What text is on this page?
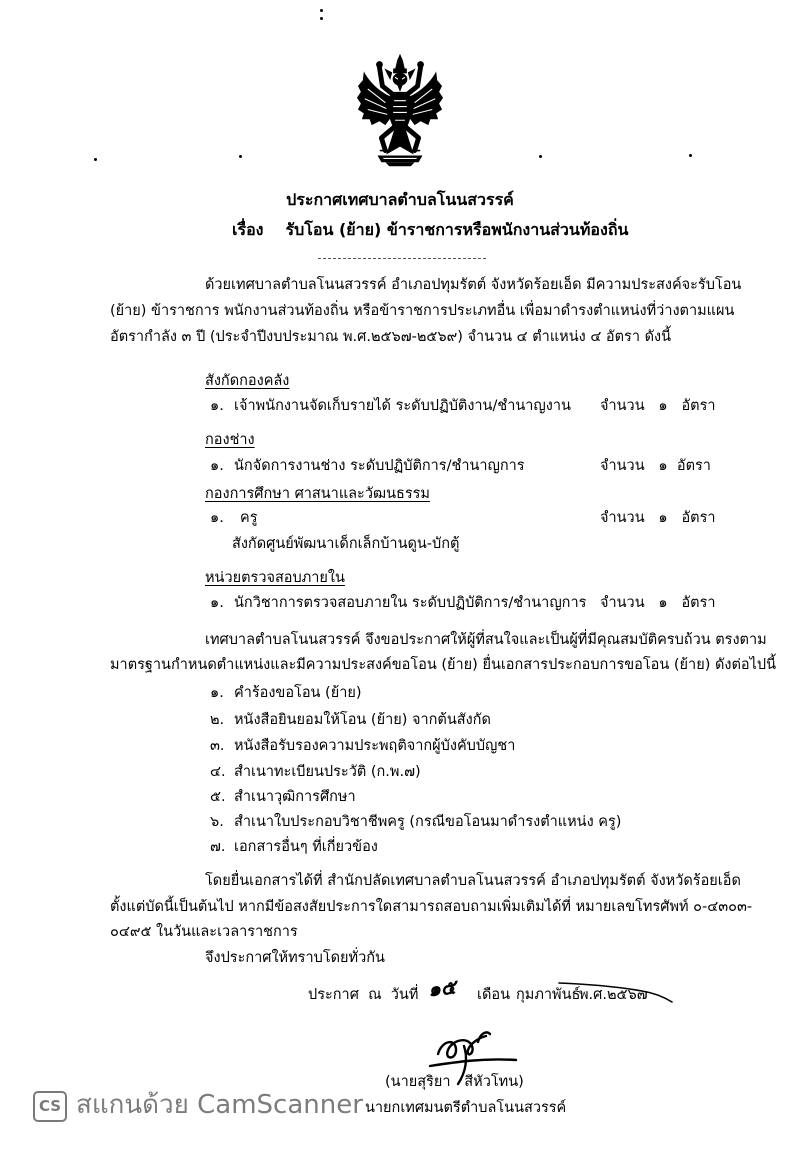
ประกาศเทศบาลตำบลโนนสวรรค์
เรื่อง รับโอน (ย้าย) ข้าราชการหรือพนักงานส่วนท้องถิ่น
ด้วยเทศบาลตำบลโนนสวรรค์ อำเภอปทุมรัตต์ จังหวัดร้อยเอ็ด มีความประสงค์จะรับโอน
(ย้าย) ข้าราชการ พนักงานส่วนท้องถิ่น หรือข้าราชการประเภทอื่น เพื่อมาดำรงตำแหน่งที่ว่างตามแผน
อัตรากำลัง ๓ ปี (ประจำปีงบประมาณ พ.ศ.๒๕๖๗-๒๕๖๙) จำนวน ๔ ตำแหน่ง ๔ อัตรา ดังนี้
สังกัดกองคลัง
๑. เจ้าพนักงานจัดเก็บรายได้ ระดับปฏิบัติงาน/ชำนาญงาน จำนวน   ๑   อัตรา
กองช่าง
๑. นักจัดการงานช่าง ระดับปฏิบัติการ/ชำนาญการ	จำนวน   ๑  อัตรา
กองการศึกษา ศาสนาและวัฒนธรรม
๑. ครู	จำนวน   ๑   อัตรา
สังกัดศูนย์พัฒนาเด็กเล็กบ้านดูน-บักตู้
หน่วยตรวจสอบภายใน
๑. นักวิชาการตรวจสอบภายใน ระดับปฏิบัติการ/ชำนาญการ จำนวน   ๑   อัตรา
เทศบาลตำบลโนนสวรรค์ จึงขอประกาศให้ผู้ที่สนใจและเป็นผู้ที่มีคุณสมบัติครบถ้วน ตรงตาม
มาตรฐานกำหนดตำแหน่งและมีความประสงค์ขอโอน (ย้าย) ยื่นเอกสารประกอบการขอโอน (ย้าย) ดังต่อไปนี้
๑. คำร้องขอโอน (ย้าย)
๒. หนังสือยินยอมให้โอน (ย้าย) จากต้นสังกัด
๓. หนังสือรับรองความประพฤติจากผู้บังคับบัญชา
๔. สำเนาทะเบียนประวัติ (ก.พ.๗)
๕. สำเนาวุฒิการศึกษา
๖. สำเนาใบประกอบวิชาชีพครู (กรณีขอโอนมาดำรงตำแหน่ง ครู)
๗. เอกสารอื่นๆ ที่เกี่ยวข้อง
โดยยื่นเอกสารได้ที่ สำนักปลัดเทศบาลตำบลโนนสวรรค์ อำเภอปทุมรัตต์ จังหวัดร้อยเอ็ด
ตั้งแต่บัดนี้เป็นต้นไป หากมีข้อสงสัยประการใดสามารถสอบถามเพิ่มเติมได้ที่ หมายเลขโทรศัพท์ ๐-๔๓๐๓-
๐๔๙๕ ในวันและเวลาราชการ
จึงประกาศให้ทราบโดยทั่วกัน
ประกาศ  ณ  วันที่ ๑๕ เดือน กุมภาพันธ์
พ.ศ.๒๕๖๗
(นายสุริยา   สีหัวโทน)
นายกเทศมนตรีตำบลโนนสวรรค์
CS สแกนด้วย CamScanner
